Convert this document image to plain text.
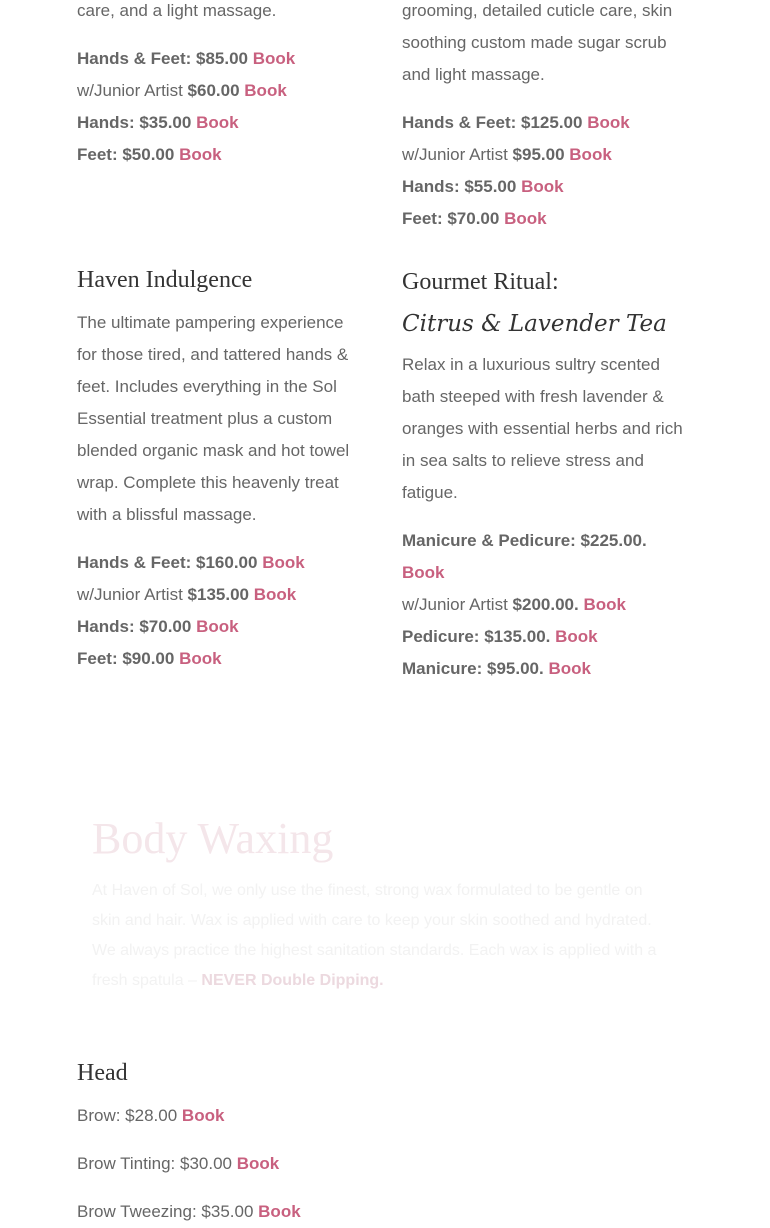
care, and a light massage.

Hands & Feet: $85.00 Book

w/Junior Artist $60.00 Book

Hands: $35.00 Book

Feet: $50.00 Book

grooming, detailed cuticle care, skin soothing custom made sugar scrub and light massage.

Hands & Feet: $125.00 Book

w/Junior Artist $95.00 Book

Hands: $55.00 Book

Feet: $70.00 Book

Haven Indulgence

The ultimate pampering experience for those tired, and tattered hands & feet. Includes everything in the Sol Essential treatment plus a custom blended organic mask and hot towel wrap. Complete this heavenly treat with a blissful massage.

Hands & Feet: $160.00 Book w/Junior Artist $135.00 Book

Hands: $70.00 Book

Feet: $90.00 Book

Gourmet Ritual:
Citrus & Lavender Tea

Relax in a luxurious sultry scented bath steeped with fresh lavender & oranges with essential herbs and rich in sea salts to relieve stress and fatigue.

Manicure & Pedicure: $225.00. Book

w/Junior Artist $200.00. Book

Pedicure: $135.00. Book

Manicure: $95.00. Book

Body Waxing

At Haven of Sol, we only use the finest, strong wax formulated to be gentle on skin and hair. Wax is applied with care to keep your skin soothed and hydrated. We always practice the highest sanitation standards. Each wax is applied with a fresh spatula – NEVER Double Dipping.

Head

Brow: $28.00 Book

Brow Tinting: $30.00 Book

Brow Tweezing: $35.00 Book
